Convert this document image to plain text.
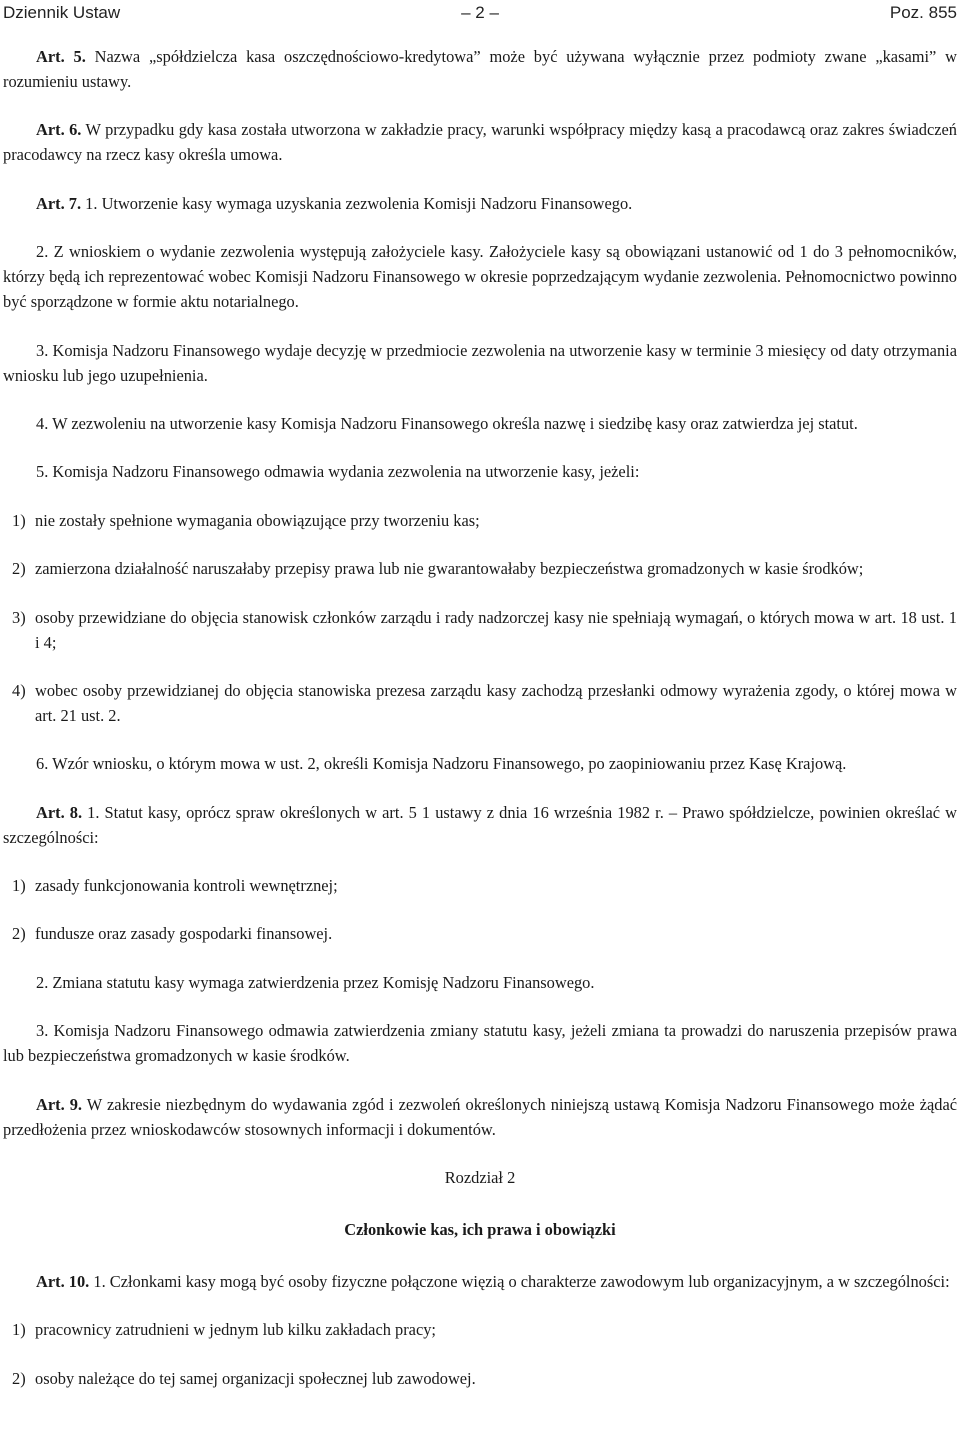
Dziennik Ustaw	– 2 –	Poz. 855

Art. 5. Nazwa „spółdzielcza kasa oszczędnościowo-kredytowa” może być używana wyłącznie przez podmioty zwane „kasami” w rozumieniu ustawy.

Art. 6. W przypadku gdy kasa została utworzona w zakładzie pracy, warunki współpracy między kasą a pracodawcą oraz zakres świadczeń pracodawcy na rzecz kasy określa umowa.

Art. 7. 1. Utworzenie kasy wymaga uzyskania zezwolenia Komisji Nadzoru Finansowego.

2. Z wnioskiem o wydanie zezwolenia występują założyciele kasy. Założyciele kasy są obowiązani ustanowić od 1 do 3 pełnomocników, którzy będą ich reprezentować wobec Komisji Nadzoru Finansowego w okresie poprzedzającym wydanie zezwolenia. Pełnomocnictwo powinno być sporządzone w formie aktu notarialnego.

3. Komisja Nadzoru Finansowego wydaje decyzję w przedmiocie zezwolenia na utworzenie kasy w terminie 3 miesięcy od daty otrzymania wniosku lub jego uzupełnienia.

4. W zezwoleniu na utworzenie kasy Komisja Nadzoru Finansowego określa nazwę i siedzibę kasy oraz zatwierdza jej statut.

5. Komisja Nadzoru Finansowego odmawia wydania zezwolenia na utworzenie kasy, jeżeli:

1) nie zostały spełnione wymagania obowiązujące przy tworzeniu kas;
2) zamierzona działalność naruszałaby przepisy prawa lub nie gwarantowałaby bezpieczeństwa gromadzonych w kasie środków;
3) osoby przewidziane do objęcia stanowisk członków zarządu i rady nadzorczej kasy nie spełniają wymagań, o których mowa w art. 18 ust. 1 i 4;
4) wobec osoby przewidzianej do objęcia stanowiska prezesa zarządu kasy zachodzą przesłanki odmowy wyrażenia zgody, o której mowa w art. 21 ust. 2.

6. Wzór wniosku, o którym mowa w ust. 2, określi Komisja Nadzoru Finansowego, po zaopiniowaniu przez Kasę Krajową.

Art. 8. 1. Statut kasy, oprócz spraw określonych w art. 5 1 ustawy z dnia 16 września 1982 r. – Prawo spółdzielcze, powinien określać w szczególności:

1) zasady funkcjonowania kontroli wewnętrznej;
2) fundusze oraz zasady gospodarki finansowej.

2. Zmiana statutu kasy wymaga zatwierdzenia przez Komisję Nadzoru Finansowego.

3. Komisja Nadzoru Finansowego odmawia zatwierdzenia zmiany statutu kasy, jeżeli zmiana ta prowadzi do naruszenia przepisów prawa lub bezpieczeństwa gromadzonych w kasie środków.

Art. 9. W zakresie niezbędnym do wydawania zgód i zezwoleń określonych niniejszą ustawą Komisja Nadzoru Finansowego może żądać przedłożenia przez wnioskodawców stosownych informacji i dokumentów.

Rozdział 2

Członkowie kas, ich prawa i obowiązki

Art. 10. 1. Członkami kasy mogą być osoby fizyczne połączone więzią o charakterze zawodowym lub organizacyjnym, a w szczególności:

1) pracownicy zatrudnieni w jednym lub kilku zakładach pracy;
2) osoby należące do tej samej organizacji społecznej lub zawodowej.
